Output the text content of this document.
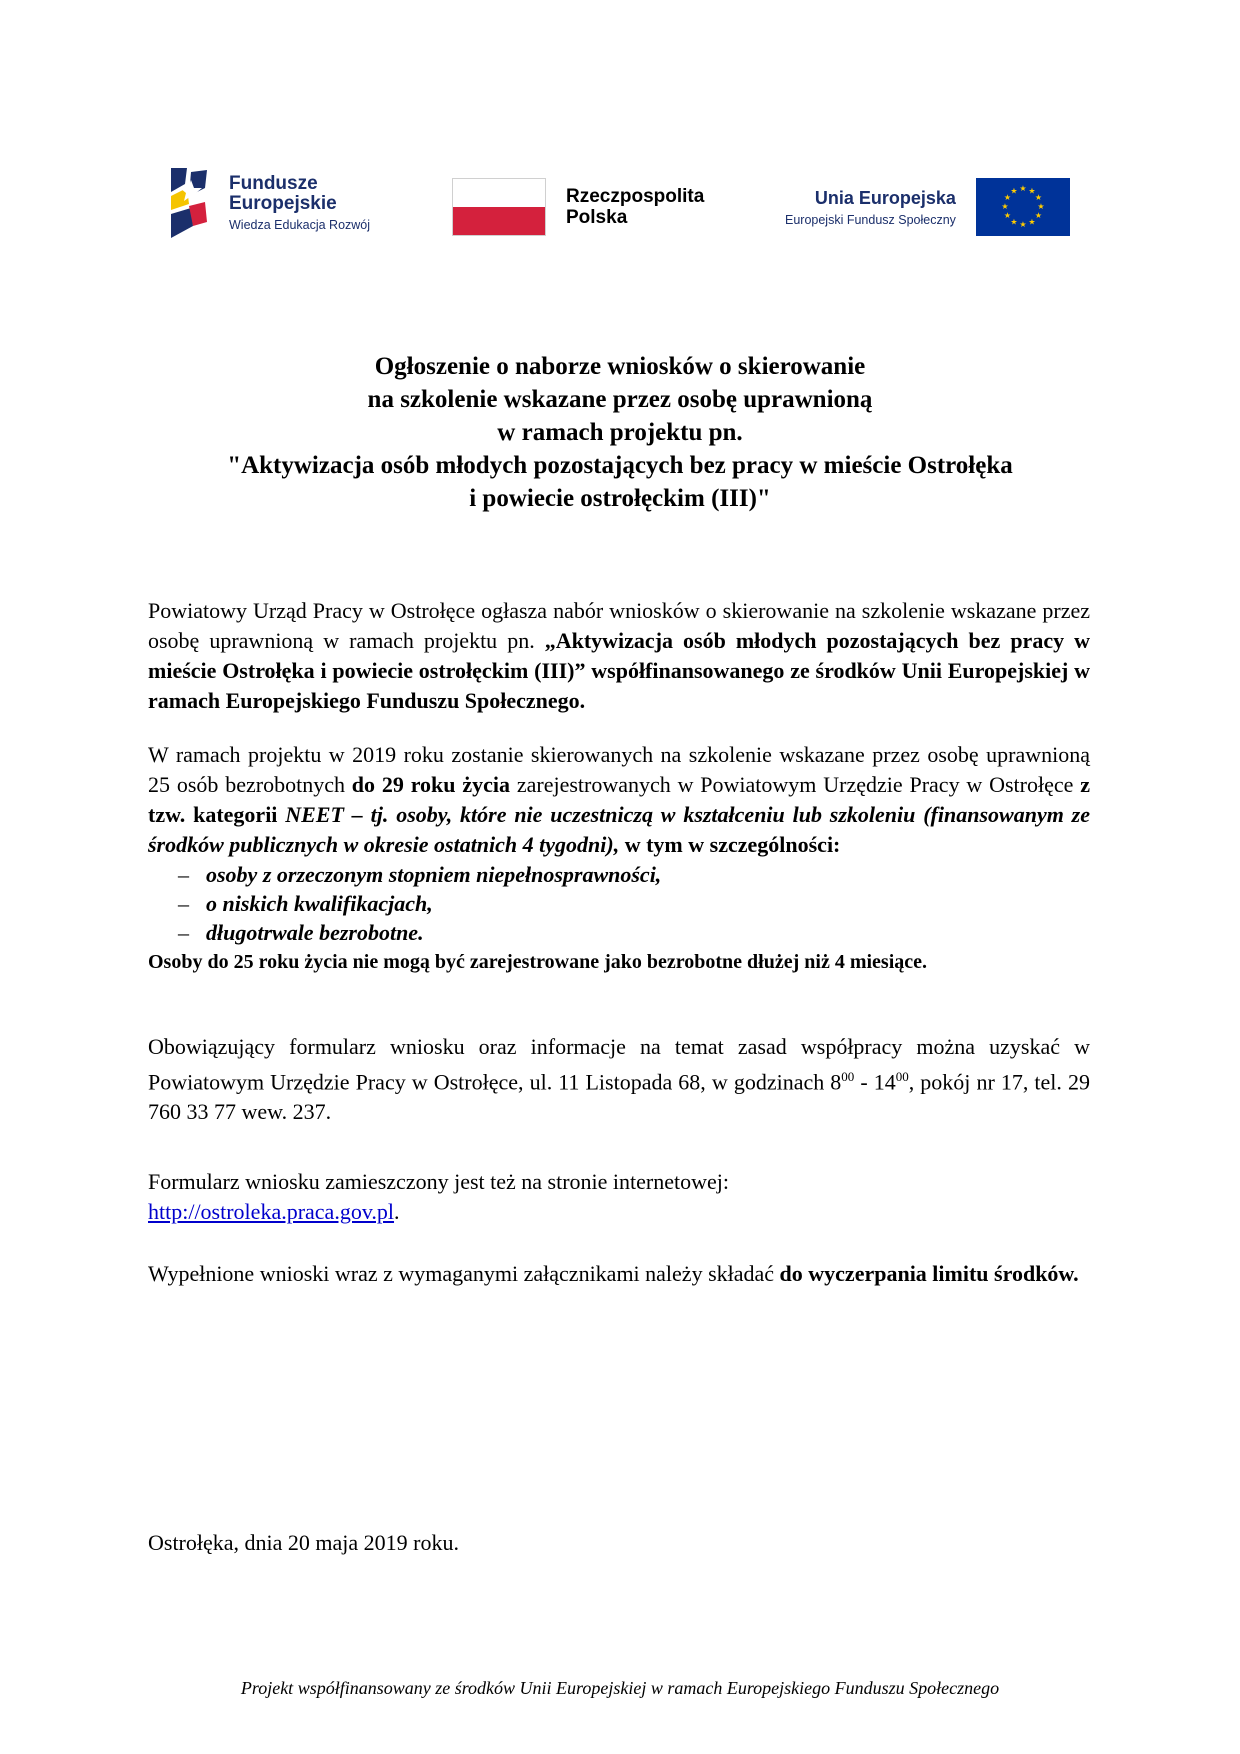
Fundusze
Europejskie
Wiedza Edukacja Rozwój
Rzeczpospolita
Polska
Unia Europejska
Europejski Fundusz Społeczny
★ ★
★
★
★
★
★
★
★
★
★
★
Ogłoszenie o naborze wniosków o skierowanie
na szkolenie wskazane przez osobę uprawnioną
w ramach projektu pn.
"Aktywizacja osób młodych pozostających bez pracy w mieście Ostrołęka
i powiecie ostrołęckim (III)"

Powiatowy Urząd Pracy w Ostrołęce ogłasza nabór wniosków o skierowanie na szkolenie wskazane przez osobę uprawnioną w ramach projektu pn. „Aktywizacja osób młodych pozostających bez pracy w mieście Ostrołęka i powiecie ostrołęckim (III)” współfinansowanego ze środków Unii Europejskiej w ramach Europejskiego Funduszu Społecznego.

W ramach projektu w 2019 roku zostanie skierowanych na szkolenie wskazane przez osobę uprawnioną 25 osób bezrobotnych do 29 roku życia zarejestrowanych w Powiatowym Urzędzie Pracy w Ostrołęce z tzw. kategorii NEET – tj. osoby, które nie uczestniczą w kształceniu lub szkoleniu (finansowanym ze środków publicznych w okresie ostatnich 4 tygodni), w tym w szczególności:

– osoby z orzeczonym stopniem niepełnosprawności,
– o niskich kwalifikacjach,
– długotrwale bezrobotne.

Osoby do 25 roku życia nie mogą być zarejestrowane jako bezrobotne dłużej niż 4 miesiące.

Obowiązujący formularz wniosku oraz informacje na temat zasad współpracy można uzyskać w Powiatowym Urzędzie Pracy w Ostrołęce, ul. 11 Listopada 68, w godzinach $8^{00} - 14^{00}$, pokój nr 17, tel. 29 760 33 77 wew. 237.

Formularz wniosku zamieszczony jest też na stronie internetowej:
http://ostroleka.praca.gov.pl.

Wypełnione wnioski wraz z wymaganymi załącznikami należy składać do wyczerpania limitu środków.

Ostrołęka, dnia 20 maja 2019 roku.
Projekt współfinansowany ze środków Unii Europejskiej w ramach Europejskiego Funduszu Społecznego
